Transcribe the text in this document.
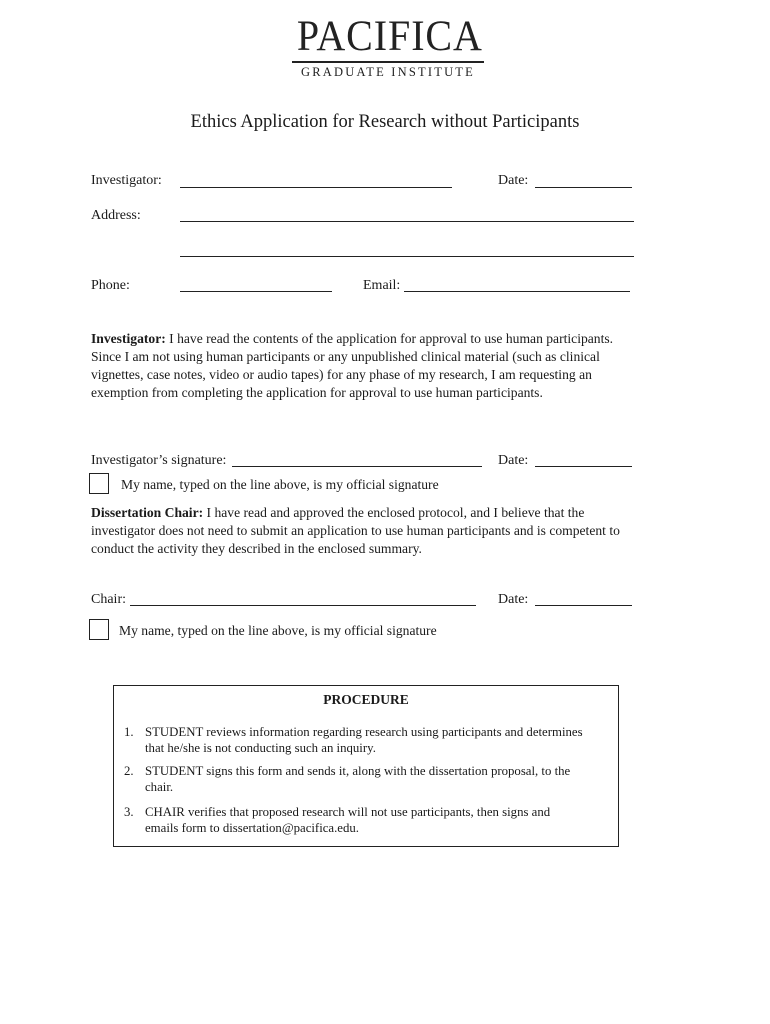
PACIFICA
GRADUATE INSTITUTE
Ethics Application for Research without Participants
Investigator:	Date:
Address:
Phone:	Email:
Investigator: I have read the contents of the application for approval to use human participants.
Since I am not using human participants or any unpublished clinical material (such as clinical
vignettes, case notes, video or audio tapes) for any phase of my research, I am requesting an
exemption from completing the application for approval to use human participants.
Investigator’s signature:	Date:
My name, typed on the line above, is my official signature
Dissertation Chair: I have read and approved the enclosed protocol, and I believe that the
investigator does not need to submit an application to use human participants and is competent to
conduct the activity they described in the enclosed summary.
Chair:	Date:
My name, typed on the line above, is my official signature
PROCEDURE
1. STUDENT reviews information regarding research using participants and determines
that he/she is not conducting such an inquiry.
2. STUDENT signs this form and sends it, along with the dissertation proposal, to the
chair.
3. CHAIR verifies that proposed research will not use participants, then signs and
emails form to dissertation@pacifica.edu.
